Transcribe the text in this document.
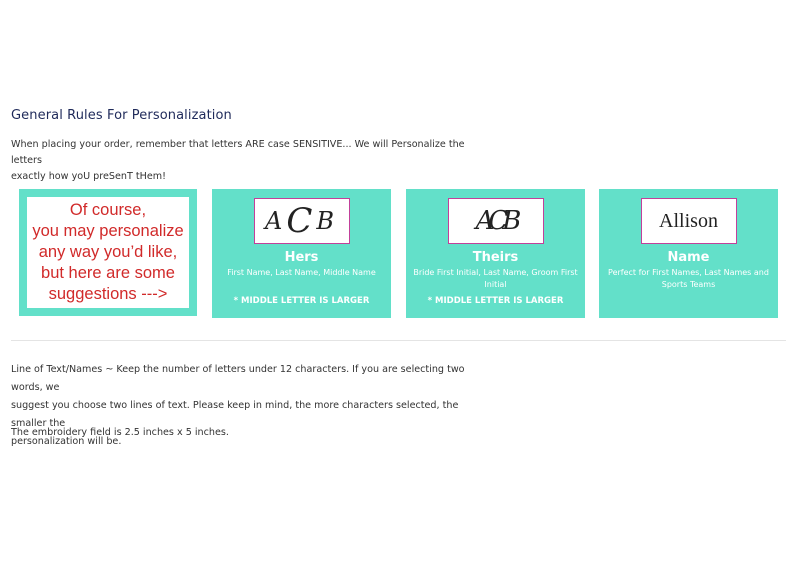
General Rules For Personalization
When placing your order, remember that letters ARE case SENSITIVE... We will Personalize the letters
exactly how yoU preSenT tHem!
Of course,
you may personalize
any way you’d like,
but here are some
suggestions --->
A C B
Hers
First Name, Last Name, Middle Name
* MIDDLE LETTER IS LARGER
ACB
Theirs
Bride First Initial, Last Name, Groom First Initial
* MIDDLE LETTER IS LARGER
Allison
Name
Perfect for First Names, Last Names and Sports Teams
Line of Text/Names ~ Keep the number of letters under 12 characters. If you are selecting two words, we
suggest you choose two lines of text. Please keep in mind, the more characters selected, the smaller the
personalization will be.
The embroidery field is 2.5 inches x 5 inches.
